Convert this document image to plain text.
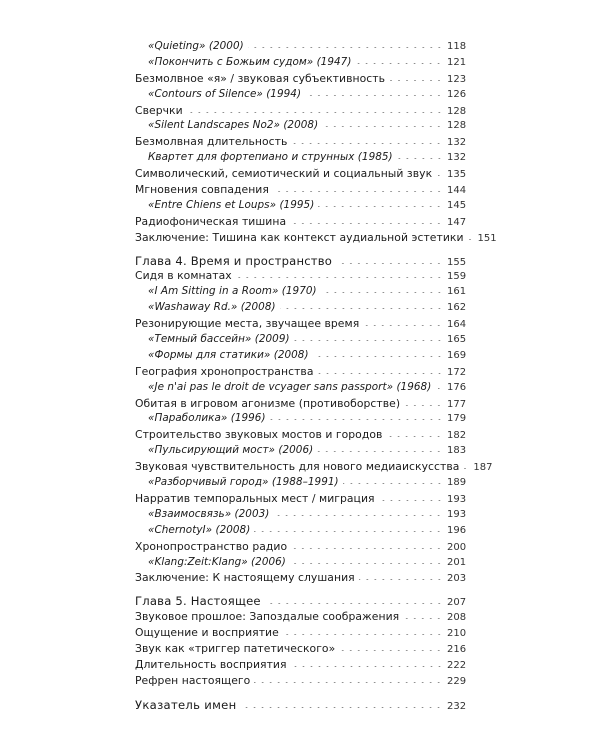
«Quieting» (2000)	118
«Покончить с Божьим судом» (1947)	121
Безмолвное «я» / звуковая субъективность	123
«Contours of Silence» (1994)	126
Сверчки	128
«Silent Landscapes No2» (2008)	128
Безмолвная длительность	132
Квартет для фортепиано и струнных (1985)	132
Символический, семиотический и социальный звук 135
Мгновения совпадения	144
«Entre Chiens et Loups» (1995)	145
Радиофоническая тишина	147
Заключение: Тишина как контекст аудиальной эстетики 151
Глава 4. Время и пространство	155
Сидя в комнатах	159
«I Am Sitting in a Room» (1970)	161
«Washaway Rd.» (2008)	162
Резонирующие места, звучащее время	164
«Темный бассейн» (2009)	165
«Формы для статики» (2008)	169
География хронопространства	172
«Je n'ai pas le droit de vcyager sans passport» (1968) 176
Обитая в игровом агонизме (противоборстве)	177
«Параболика» (1996)	179
Строительство звуковых мостов и городов	182
«Пульсирующий мост» (2006)	183
Звуковая чувствительность для нового медиаискусства 187
«Разборчивый город» (1988–1991)	189
Нарратив темпоральных мест / миграция	193
«Взаимосвязь» (2003)	193
«ChernotyI» (2008)	196
Хронопространство радио	200
«Klang:Zeit:Klang» (2006)	201
Заключение: К настоящему слушания	203
Глава 5. Настоящее	207
Звуковое прошлое: Запоздалые соображения	208
Ощущение и восприятие	210
Звук как «триггер патетического»	216
Длительность восприятия	222
Рефрен настоящего	229
Указатель имен	232
